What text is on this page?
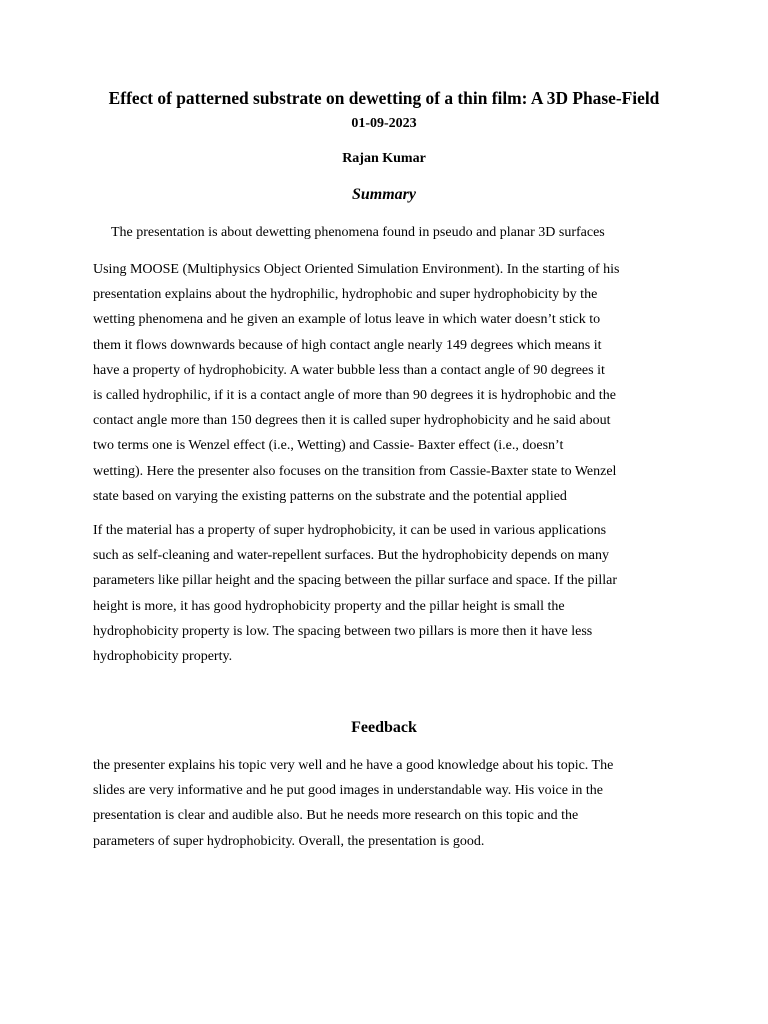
Effect of patterned substrate on dewetting of a thin film: A 3D Phase-Field
01-09-2023
Rajan Kumar
Summary
The presentation is about dewetting phenomena found in pseudo and planar 3D surfaces
Using MOOSE (Multiphysics Object Oriented Simulation Environment). In the starting of his
presentation explains about the hydrophilic, hydrophobic and super hydrophobicity by the
wetting phenomena and he given an example of lotus leave in which water doesn’t stick to
them it flows downwards because of high contact angle nearly 149 degrees which means it
have a property of hydrophobicity. A water bubble less than a contact angle of 90 degrees it
is called hydrophilic, if it is a contact angle of more than 90 degrees it is hydrophobic and the
contact angle more than 150 degrees then it is called super hydrophobicity and he said about
two terms one is Wenzel effect (i.e., Wetting) and Cassie- Baxter effect (i.e., doesn’t
wetting). Here the presenter also focuses on the transition from Cassie-Baxter state to Wenzel
state based on varying the existing patterns on the substrate and the potential applied
If the material has a property of super hydrophobicity, it can be used in various applications
such as self-cleaning and water-repellent surfaces. But the hydrophobicity depends on many
parameters like pillar height and the spacing between the pillar surface and space. If the pillar
height is more, it has good hydrophobicity property and the pillar height is small the
hydrophobicity property is low. The spacing between two pillars is more then it have less
hydrophobicity property.
Feedback
the presenter explains his topic very well and he have a good knowledge about his topic. The
slides are very informative and he put good images in understandable way. His voice in the
presentation is clear and audible also. But he needs more research on this topic and the
parameters of super hydrophobicity. Overall, the presentation is good.
